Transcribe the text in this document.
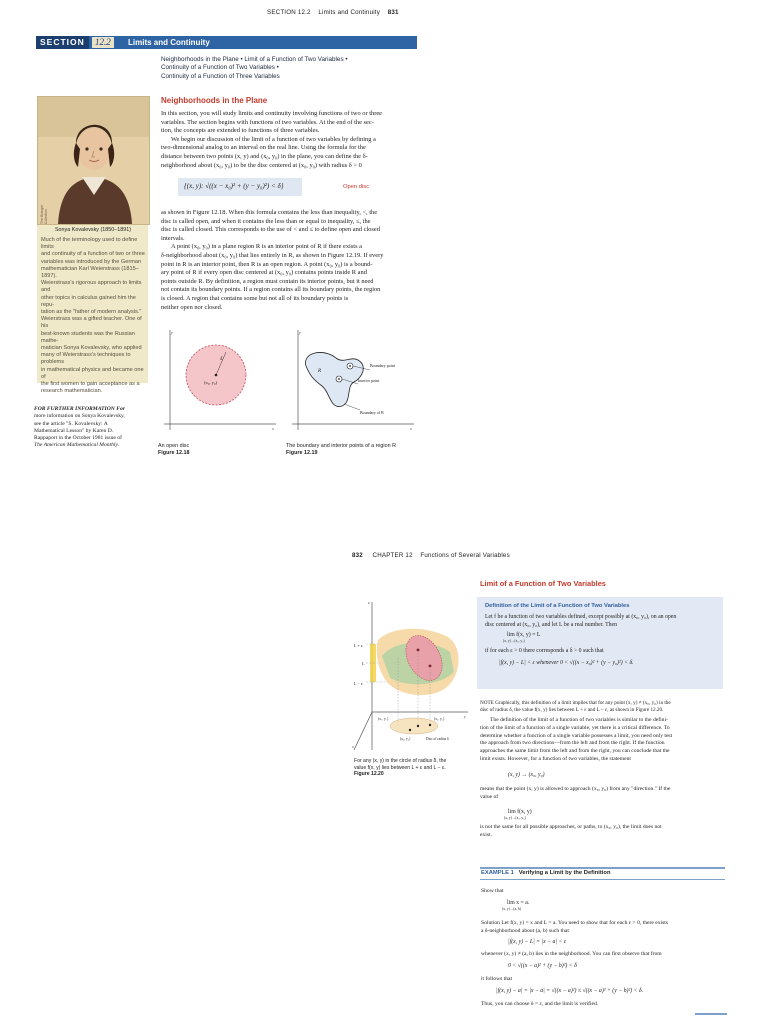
SECTION 12.2 Limits and Continuity 831
SECTION	12.2	Limits and Continuity
Neighborhoods in the Plane • Limit of a Function of Two Variables •
Continuity of a Function of Two Variables •
Continuity of a Function of Three Variables
Neighborhoods in the Plane
In this section, you will study limits and continuity involving functions of two or three
variables. The section begins with functions of two variables. At the end of the sec-
tion, the concepts are extended to functions of three variables.
We begin our discussion of the limit of a function of two variables by defining a
two-dimensional analog to an interval on the real line. Using the formula for the
distance between two points (x, y) and (x₀, y₀) in the plane, you can define the δ-
neighborhood about (x₀, y₀) to be the disc centered at (x₀, y₀) with radius δ > 0
{(x, y): √((x − x₀)² + (y − y₀)²) < δ}	Open disc
as shown in Figure 12.18. When this formula contains the less than inequality, <, the
disc is called open, and when it contains the less than or equal to inequality, ≤, the
disc is called closed. This corresponds to the use of < and ≤ to define open and closed
intervals.
A point (x₀, y₀) in a plane region R is an interior point of R if there exists a
δ-neighborhood about (x₀, y₀) that lies entirely in R, as shown in Figure 12.19. If every
point in R is an interior point, then R is an open region. A point (x₀, y₀) is a bound-
ary point of R if every open disc centered at (x₀, y₀) contains points inside R and
points outside R. By definition, a region must contain its interior points, but it need
not contain its boundary points. If a region contains all its boundary points, the region
is closed. A region that contains some but not all of its boundary points is
neither open nor closed.
The Granger Collection
Sonya Kovalevsky (1850–1891)
Much of the terminology used to define limits
and continuity of a function of two or three
variables was introduced by the German
mathematician Karl Weierstrass (1815–1897).
Weierstrass's rigorous approach to limits and
other topics in calculus gained him the repu-
tation as the "father of modern analysis."
Weierstrass was a gifted teacher. One of his
best-known students was the Russian mathe-
matician Sonya Kovalevsky, who applied
many of Weierstrass's techniques to problems
in mathematical physics and became one of
the first women to gain acceptance as a
research mathematician.
FOR FURTHER INFORMATION For
more information on Sonya Kovalevsky,
see the article "S. Kovalevsky: A
Mathematical Lesson" by Karen D.
Rappaport in the October 1981 issue of
The American Mathematical Monthly.
δ
(x₀, y₀)
y
x
An open disc
Figure 12.18
Boundary point
Interior point
Boundary of R
R
y
x
The boundary and interior points of a region R
Figure 12.19
832 CHAPTER 12 Functions of Several Variables
Limit of a Function of Two Variables
Definition of the Limit of a Function of Two Variables
Let f be a function of two variables defined, except possibly at (x₀, y₀), on an open
disc centered at (x₀, y₀), and let L be a real number. Then
lim f(x, y) = L
(x, y)→(x₀, y₀)
if for each ε > 0 there corresponds a δ > 0 such that
|f(x, y) − L| < ε whenever 0 < √((x − x₀)² + (y − y₀)²) < δ.
NOTE Graphically, this definition of a limit implies that for any point (x, y) ≠ (x₀, y₀) in the
disc of radius δ, the value f(x, y) lies between L + ε and L − ε, as shown in Figure 12.20.
The definition of the limit of a function of two variables is similar to the defini-
tion of the limit of a function of a single variable, yet there is a critical difference. To
determine whether a function of a single variable possesses a limit, you need only test
the approach from two directions—from the left and from the right. If the function
approaches the same limit from the left and from the right, you can conclude that the
limit exists. However, for a function of two variables, the statement
(x, y) → (x₀, y₀)
means that the point (x, y) is allowed to approach (x₀, y₀) from any "direction." If the
value of
lim f(x, y)
(x, y)→(x₀, y₀)
is not the same for all possible approaches, or paths, to (x₀, y₀), the limit does not
exist.
EXAMPLE 1 Verifying a Limit by the Definition
Show that
lim x = a.
(x, y)→(a, b)
Solution Let f(x, y) = x and L = a. You need to show that for each ε > 0, there exists
a δ-neighborhood about (a, b) such that
|f(x, y) − L| = |x − a| < ε
whenever (x, y) ≠ (a, b) lies in the neighborhood. You can first observe that from
0 < √((x − a)² + (y − b)²) < δ
it follows that
|f(x, y) − a| = |x − a| = √((x − a)²) ≤ √((x − a)² + (y − b)²) < δ.
Thus, you can choose δ = ε, and the limit is verified.
L + ε
L
L − ε
z
y
x
(x₁, y₁)	(x₂, y₂)
(x₀, y₀)	Disc of radius δ
For any (x, y) in the circle of radius δ, the
value f(x, y) lies between L + ε and L − ε.
Figure 12.20
